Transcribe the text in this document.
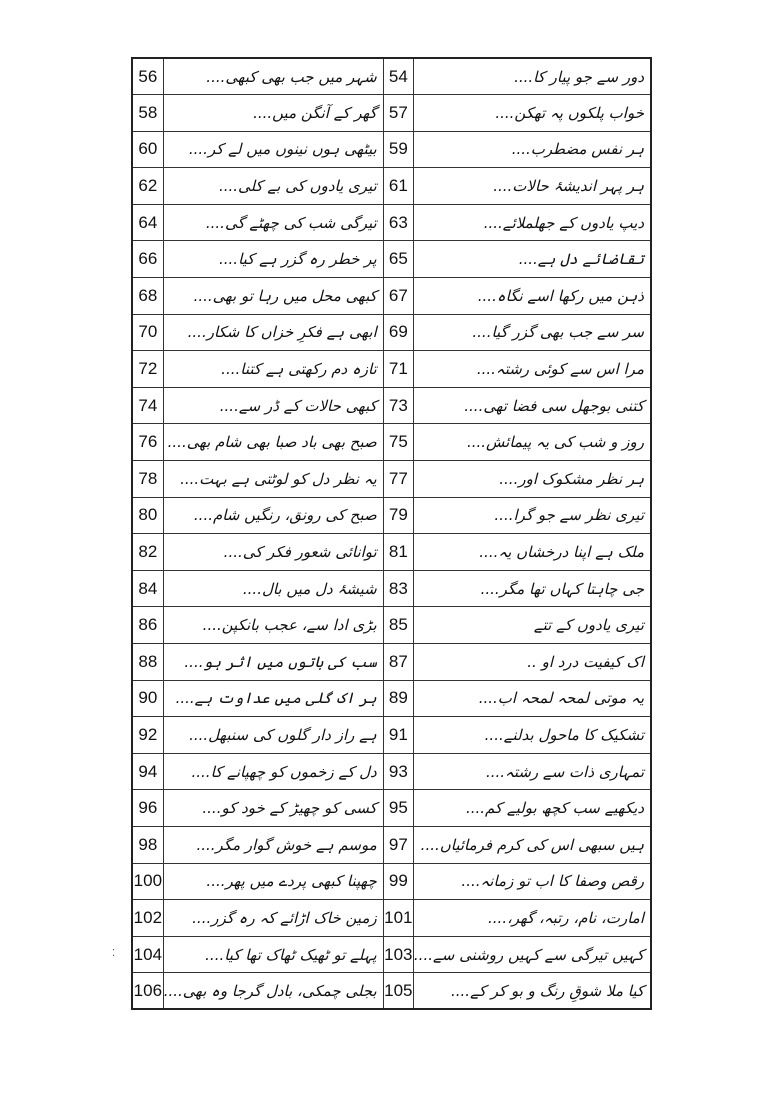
56	شہر میں جب بھی کبھی....	54	دور سے جو پیار کا....
58	گھر کے آنگن میں....	57	خواب پلکوں پہ تھکن....
60	بیٹھی ہوں نینوں میں لے کر....	59	ہر نفس مضطرب....
62	تیری یادوں کی بے کلی....	61	ہر پہر اندیشۂ حالات....
64	تیرگی شب کی چھٹے گی....	63	دیپ یادوں کے جھلملائے....
66	پر خطر رہ گزر ہے کیا....	65	تقاضائے دل ہے....
68	کبھی محل میں رہا تو بھی....	67	ذہن میں رکھا اسے نگاہ....
70	ابھی ہے فکرِ خزاں کا شکار....	69	سر سے جب بھی گزر گیا....
72	تازہ دم رکھتی ہے کتنا....	71	مرا اس سے کوئی رشتہ....
74	کبھی حالات کے ڈر سے....	73	کتنی بوجھل سی فضا تھی....
76	صبح بھی باد صبا بھی شام بھی....	75	روز و شب کی یہ پیمائش....
78	یہ نظر دل کو لوٹتی ہے بہت....	77	ہر نظر مشکوک اور....
80	صبح کی رونق، رنگیں شام....	79	تیری نظر سے جو گرا....
82	توانائی شعور فکر کی....	81	ملک ہے اپنا درخشاں یہ....
84	شیشۂ دل میں بال....	83	جی چاہتا کہاں تھا مگر....
86	بڑی ادا سے، عجب بانکپن....	85	تیری یادوں کے تتے
88	سب کی باتوں میں اثر ہو....	87	اک کیفیت درد او ..
90	ہر اک گلی میں عداوت ہے....	89	یہ موتی لمحہ لمحہ اب....
92	ہے راز دار گلوں کی سنبھل....	91	تشکیک کا ماحول بدلنے....
94	دل کے زخموں کو چھپانے کا....	93	تمہاری ذات سے رشتہ....
96	کسی کو چھیڑ کے خود کو....	95	دیکھیے سب کچھ بولیے کم....
98	موسم ہے خوش گوار مگر....	97	ہیں سبھی اس کی کرم فرمائیاں....
100	چھپنا کبھی پردے میں پھر....	99	رقص وصفا کا اب تو زمانہ....
102	زمین خاک اڑائے کہ رہ گزر....	101	امارت، نام، رتبہ، گھر،....
104	پہلے تو ٹھیک ٹھاک تھا کیا....	103	کہیں تیرگی سے کہیں روشنی سے....
106	بجلی چمکی، بادل گرجا وہ بھی....	105	کیا ملا شوقِ رنگ و بو کر کے....
⁚
